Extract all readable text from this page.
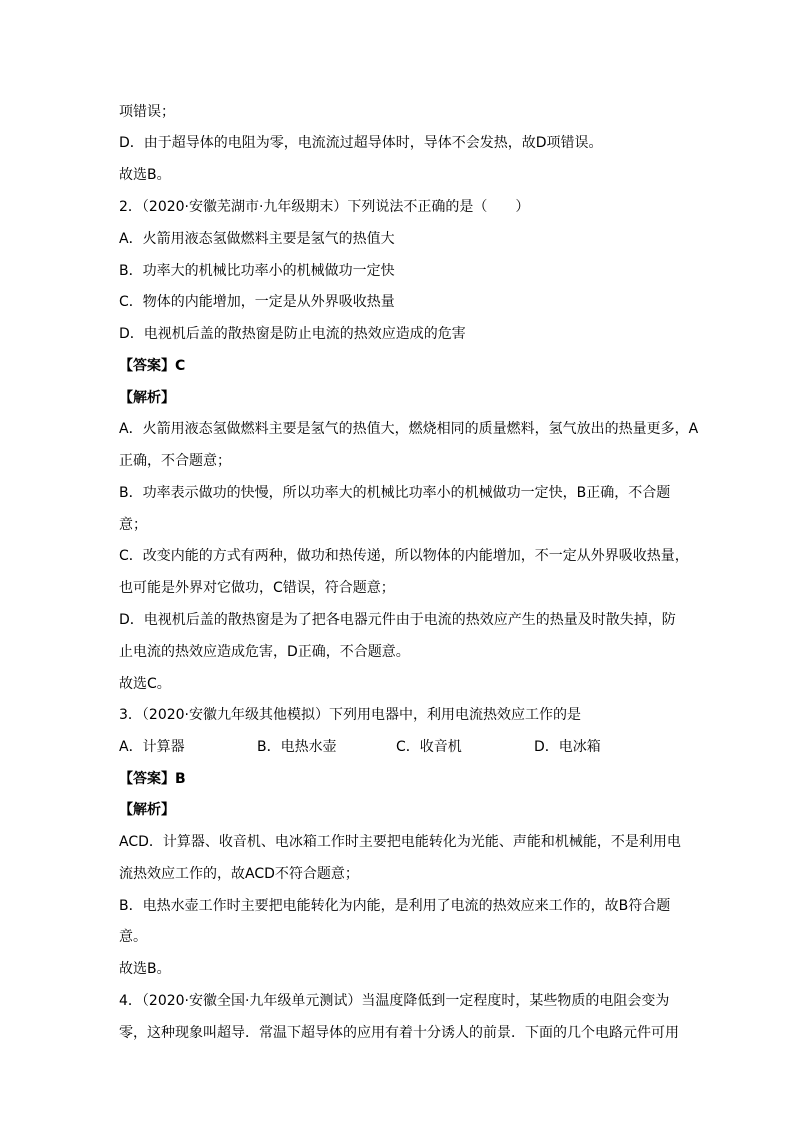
项错误；
D．由于超导体的电阻为零，电流流过超导体时，导体不会发热，故D项错误。
故选B。
2．（2020·安徽芜湖市·九年级期末）下列说法不正确的是（　　）
A．火箭用液态氢做燃料主要是氢气的热值大
B．功率大的机械比功率小的机械做功一定快
C．物体的内能增加，一定是从外界吸收热量
D．电视机后盖的散热窗是防止电流的热效应造成的危害
【答案】C
【解析】
A．火箭用液态氢做燃料主要是氢气的热值大，燃烧相同的质量燃料，氢气放出的热量更多，A
正确，不合题意；
B．功率表示做功的快慢，所以功率大的机械比功率小的机械做功一定快，B正确，不合题
意；
C．改变内能的方式有两种，做功和热传递，所以物体的内能增加，不一定从外界吸收热量，
也可能是外界对它做功，C错误，符合题意；
D．电视机后盖的散热窗是为了把各电器元件由于电流的热效应产生的热量及时散失掉，防
止电流的热效应造成危害，D正确，不合题意。
故选C。
3．（2020·安徽九年级其他模拟）下列用电器中，利用电流热效应工作的是
A．计算器	B．电热水壶	C．收音机	D．电冰箱
【答案】B
【解析】
ACD．计算器、收音机、电冰箱工作时主要把电能转化为光能、声能和机械能，不是利用电
流热效应工作的，故ACD不符合题意；
B．电热水壶工作时主要把电能转化为内能，是利用了电流的热效应来工作的，故B符合题
意。
故选B。
4．（2020·安徽全国·九年级单元测试）当温度降低到一定程度时，某些物质的电阻会变为
零，这种现象叫超导．常温下超导体的应用有着十分诱人的前景．下面的几个电路元件可用
